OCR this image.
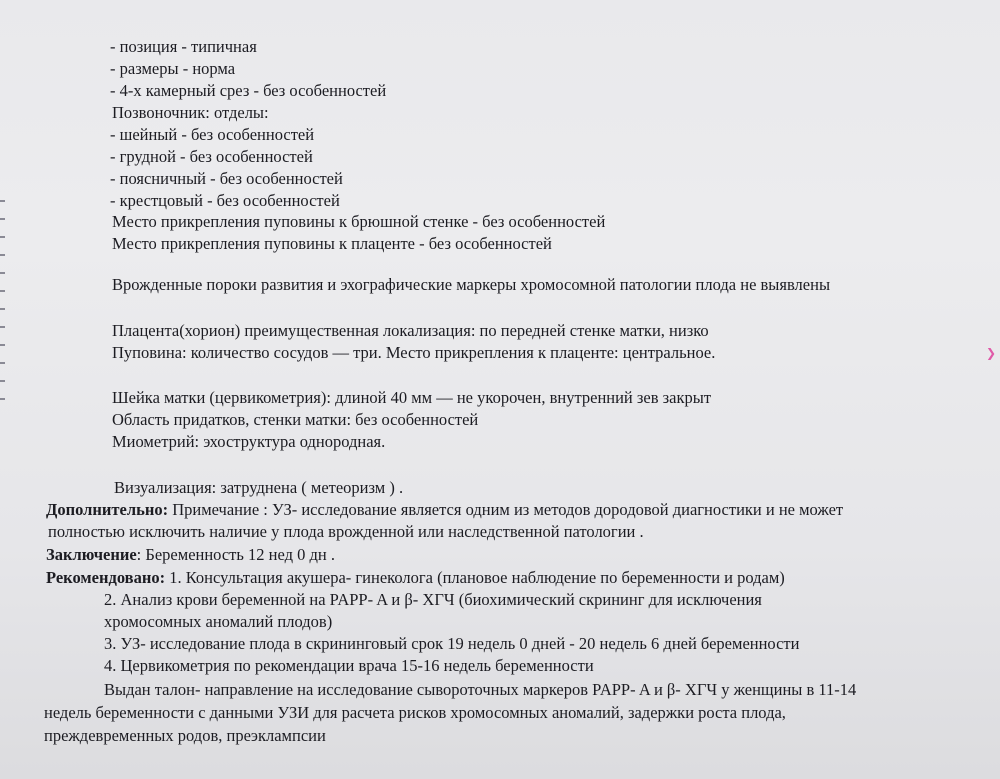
❯
- позиция - типичная
- размеры - норма
- 4-х камерный срез - без особенностей
Позвоночник: отделы:
- шейный - без особенностей
- грудной - без особенностей
- поясничный - без особенностей
- крестцовый - без особенностей
Место прикрепления пуповины к брюшной стенке - без особенностей
Место прикрепления пуповины к плаценте - без особенностей
Врожденные пороки развития и эхографические маркеры хромосомной патологии плода не выявлены
Плацента(хорион) преимущественная локализация: по передней стенке матки, низко
Пуповина: количество сосудов — три. Место прикрепления к плаценте: центральное.
Шейка матки (цервикометрия): длиной 40 мм — не укорочен, внутренний зев закрыт
Область придатков, стенки матки: без особенностей
Миометрий: эхоструктура однородная.
Визуализация: затруднена ( метеоризм ) .
Дополнительно: Примечание : УЗ- исследование является одним из методов дородовой диагностики и не может
полностью исключить наличие у плода врожденной или наследственной патологии .
Заключение: Беременность 12 нед 0 дн .
Рекомендовано: 1. Консультация акушера- гинеколога (плановое наблюдение по беременности и родам)
2. Анализ крови беременной на PAPP- A и β- ХГЧ (биохимический скрининг для исключения
хромосомных аномалий плодов)
3. УЗ- исследование плода в скрининговый срок 19 недель 0 дней - 20 недель 6 дней беременности
4. Цервикометрия по рекомендации врача 15-16 недель беременности
Выдан талон- направление на исследование сывороточных маркеров PAPP- A и β- ХГЧ у женщины в 11-14
недель беременности с данными УЗИ для расчета рисков хромосомных аномалий, задержки роста плода,
преждевременных родов, преэклампсии
